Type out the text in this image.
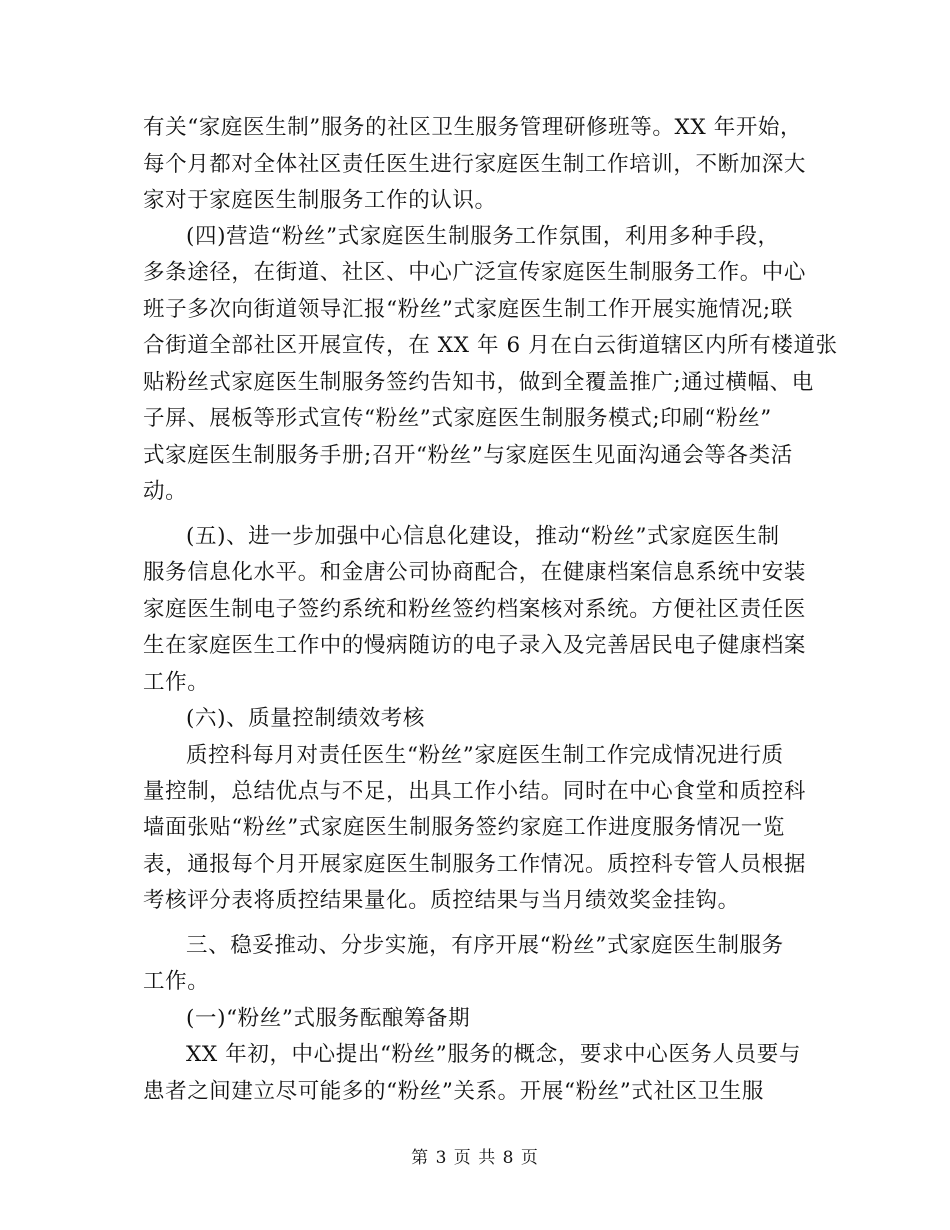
有关“家庭医生制”服务的社区卫生服务管理研修班等。XX 年开始，
每个月都对全体社区责任医生进行家庭医生制工作培训，不断加深大
家对于家庭医生制服务工作的认识。
(四)营造“粉丝”式家庭医生制服务工作氛围，利用多种手段，
多条途径，在街道、社区、中心广泛宣传家庭医生制服务工作。中心
班子多次向街道领导汇报“粉丝”式家庭医生制工作开展实施情况;联
合街道全部社区开展宣传，在 XX 年 6 月在白云街道辖区内所有楼道张
贴粉丝式家庭医生制服务签约告知书，做到全覆盖推广;通过横幅、电
子屏、展板等形式宣传“粉丝”式家庭医生制服务模式;印刷“粉丝”
式家庭医生制服务手册;召开“粉丝”与家庭医生见面沟通会等各类活
动。
(五)、进一步加强中心信息化建设，推动“粉丝”式家庭医生制
服务信息化水平。和金唐公司协商配合，在健康档案信息系统中安装
家庭医生制电子签约系统和粉丝签约档案核对系统。方便社区责任医
生在家庭医生工作中的慢病随访的电子录入及完善居民电子健康档案
工作。
(六)、质量控制绩效考核
质控科每月对责任医生“粉丝”家庭医生制工作完成情况进行质
量控制，总结优点与不足，出具工作小结。同时在中心食堂和质控科
墙面张贴“粉丝”式家庭医生制服务签约家庭工作进度服务情况一览
表，通报每个月开展家庭医生制服务工作情况。质控科专管人员根据
考核评分表将质控结果量化。质控结果与当月绩效奖金挂钩。
三、稳妥推动、分步实施，有序开展“粉丝”式家庭医生制服务
工作。
(一)“粉丝”式服务酝酿筹备期
XX 年初，中心提出“粉丝”服务的概念，要求中心医务人员要与
患者之间建立尽可能多的“粉丝”关系。开展“粉丝”式社区卫生服
第 3 页 共 8 页
